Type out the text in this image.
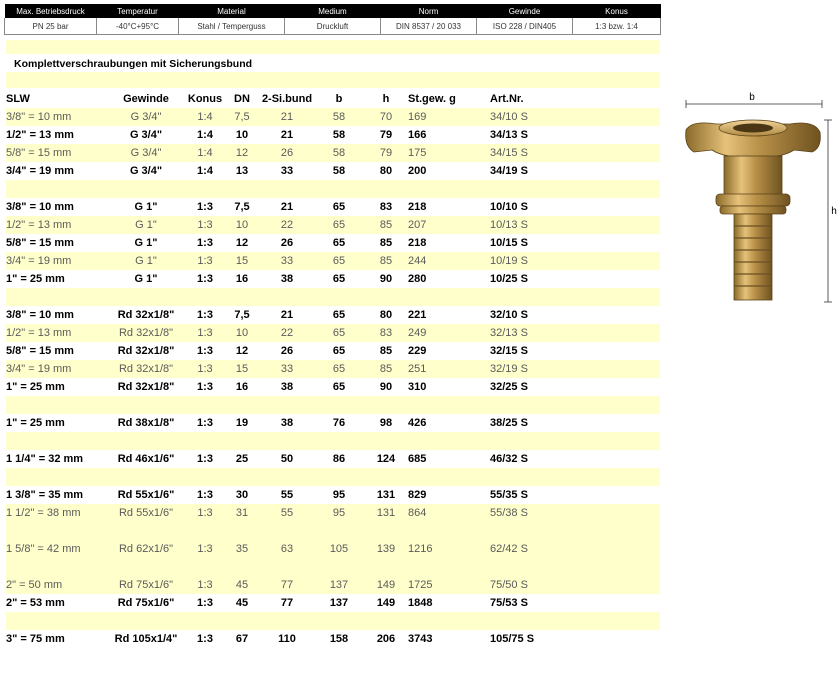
Max. Betriebsdruck	Temperatur	Material	Medium	Norm	Gewinde	Konus
PN 25 bar	-40°C+95°C	Stahl / Temperguss	Druckluft	DIN 8537 / 20 033	ISO 228 / DIN405	1:3 bzw. 1:4
Komplettverschraubungen mit Sicherungsbund
SLW	Gewinde	Konus	DN	2-Si.bund	b	h	St.gew. g	Art.Nr.	
3/8" = 10 mm	G 3/4"	1:4	7,5	21	58	70	169	34/10 S	
1/2" = 13 mm	G 3/4"	1:4	10	21	58	79	166	34/13 S	
5/8" = 15 mm	G 3/4"	1:4	12	26	58	79	175	34/15 S	
3/4" = 19 mm	G 3/4"	1:4	13	33	58	80	200	34/19 S	

3/8" = 10 mm	G 1"	1:3	7,5	21	65	83	218	10/10 S	
1/2" = 13 mm	G 1"	1:3	10	22	65	85	207	10/13 S	
5/8" = 15 mm	G 1"	1:3	12	26	65	85	218	10/15 S	
3/4" = 19 mm	G 1"	1:3	15	33	65	85	244	10/19 S	
1" = 25 mm	G 1"	1:3	16	38	65	90	280	10/25 S	

3/8" = 10 mm	Rd 32x1/8"	1:3	7,5	21	65	80	221	32/10 S	
1/2" = 13 mm	Rd 32x1/8"	1:3	10	22	65	83	249	32/13 S	
5/8" = 15 mm	Rd 32x1/8"	1:3	12	26	65	85	229	32/15 S	
3/4" = 19 mm	Rd 32x1/8"	1:3	15	33	65	85	251	32/19 S	
1" = 25 mm	Rd 32x1/8"	1:3	16	38	65	90	310	32/25 S	

1" = 25 mm	Rd 38x1/8"	1:3	19	38	76	98	426	38/25 S	

1 1/4" = 32 mm	Rd 46x1/6"	1:3	25	50	86	124	685	46/32 S	

1 3/8" = 35 mm	Rd 55x1/6"	1:3	30	55	95	131	829	55/35 S	
1 1/2" = 38 mm	Rd 55x1/6"	1:3	31	55	95	131	864	55/38 S	

1 5/8" = 42 mm	Rd 62x1/6"	1:3	35	63	105	139	1216	62/42 S	

2" = 50 mm	Rd 75x1/6"	1:3	45	77	137	149	1725	75/50 S	
2" = 53 mm	Rd 75x1/6"	1:3	45	77	137	149	1848	75/53 S	

3" = 75 mm	Rd 105x1/4"	1:3	67	110	158	206	3743	105/75 S	
b
h
